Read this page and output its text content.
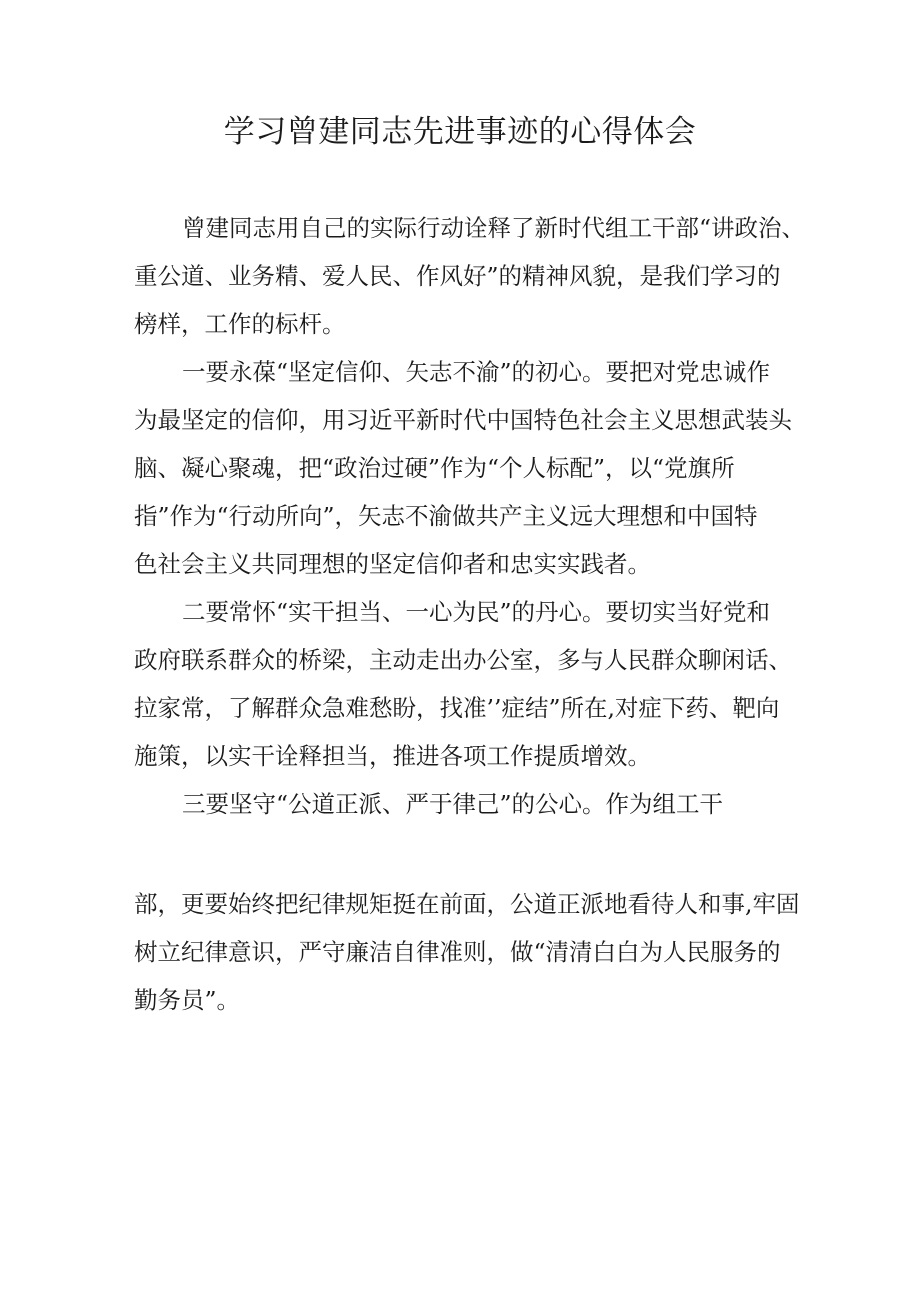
学习曾建同志先进事迹的心得体会

曾建同志用自己的实际行动诠释了新时代组工干部“讲政治、

重公道、业务精、爱人民、作风好”的精神风貌，是我们学习的

榜样，工作的标杆。

一要永葆“坚定信仰、矢志不渝”的初心。要把对党忠诚作

为最坚定的信仰，用习近平新时代中国特色社会主义思想武装头

脑、凝心聚魂，把“政治过硬”作为“个人标配”，以“党旗所

指”作为“行动所向”，矢志不渝做共产主义远大理想和中国特

色社会主义共同理想的坚定信仰者和忠实实践者。

二要常怀“实干担当、一心为民”的丹心。要切实当好党和

政府联系群众的桥梁，主动走出办公室，多与人民群众聊闲话、

拉家常，了解群众急难愁盼，找准’’症结”所在,对症下药、靶向

施策，以实干诠释担当，推进各项工作提质增效。

三要坚守“公道正派、严于律己”的公心。作为组工干

部，更要始终把纪律规矩挺在前面，公道正派地看待人和事,牢固

树立纪律意识，严守廉洁自律准则，做“清清白白为人民服务的

勤务员”。
